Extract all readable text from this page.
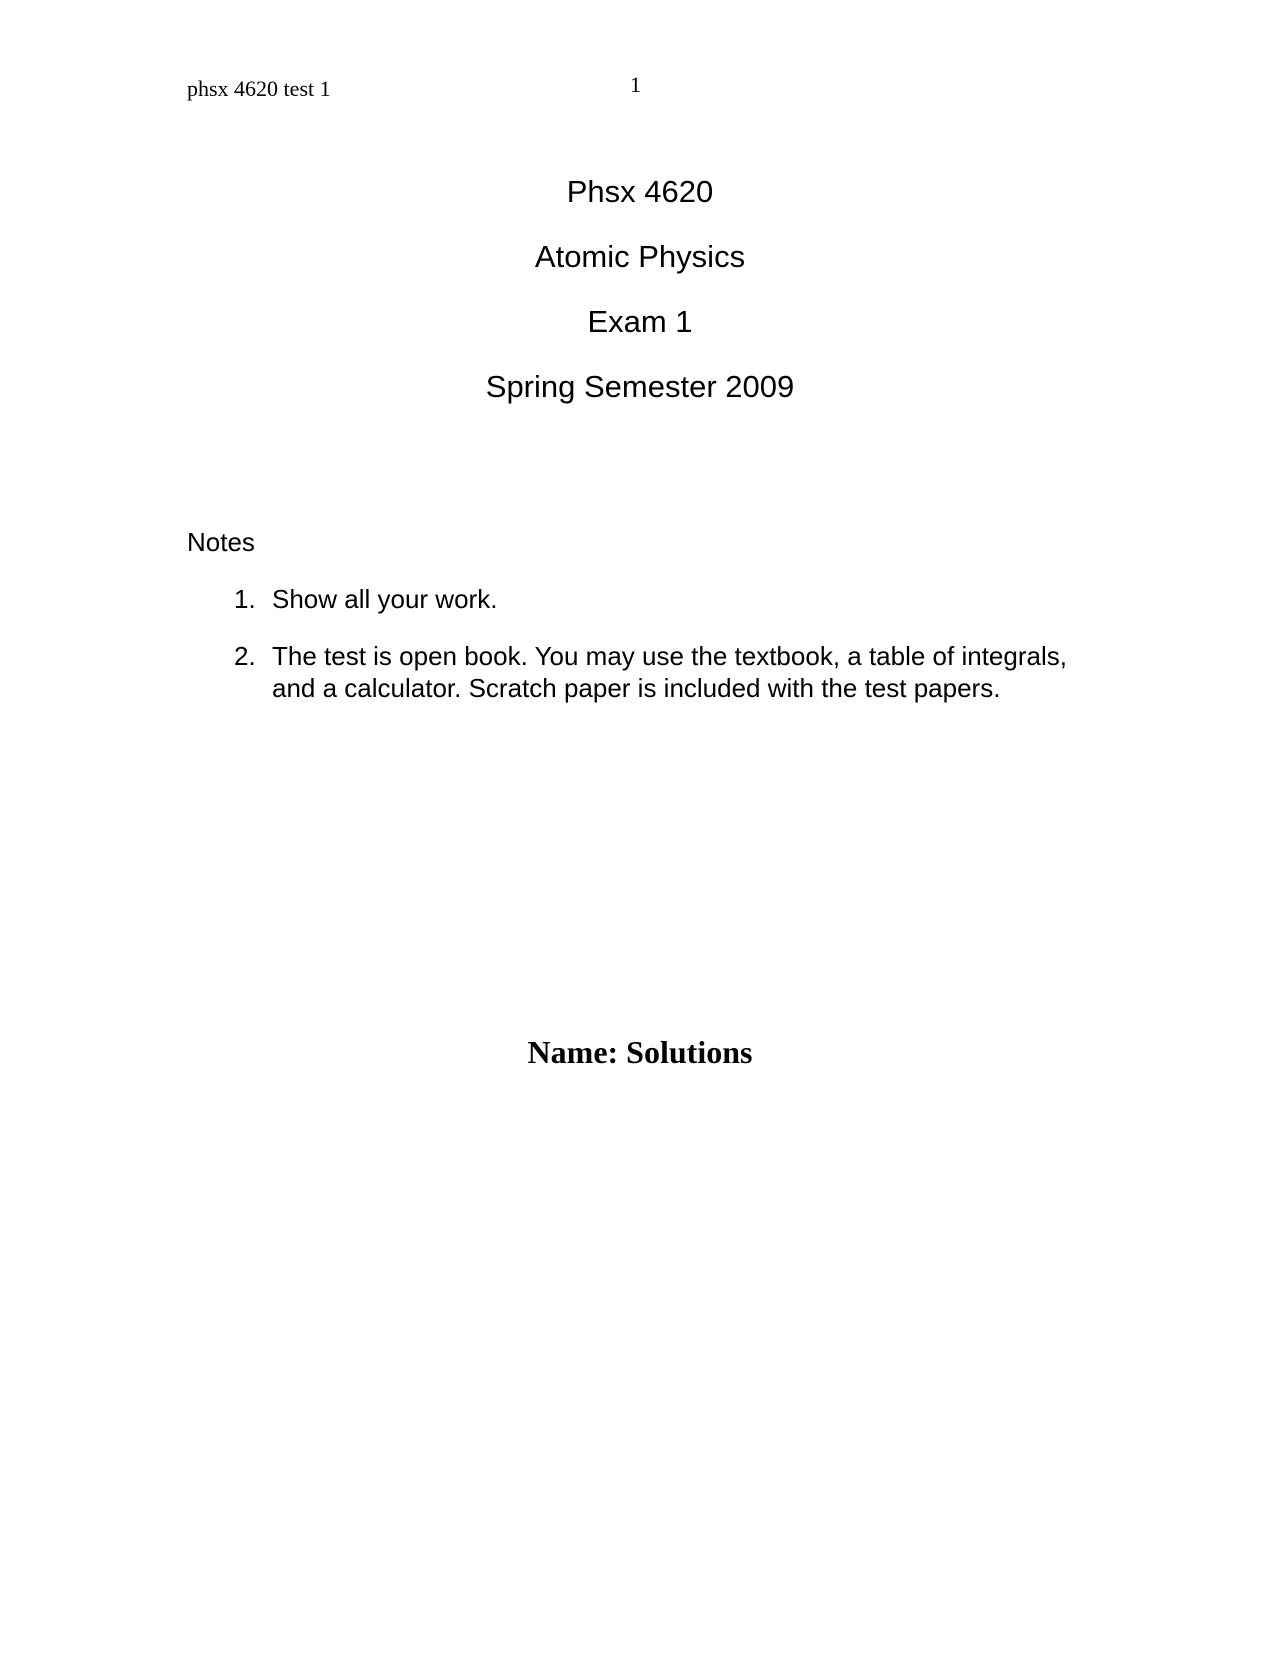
phsx 4620 test 1	1
Phsx 4620
Atomic Physics
Exam 1
Spring Semester 2009
Notes
1. Show all your work.
2. The test is open book. You may use the textbook, a table of integrals, and a calculator. Scratch paper is included with the test papers.
Name: Solutions
